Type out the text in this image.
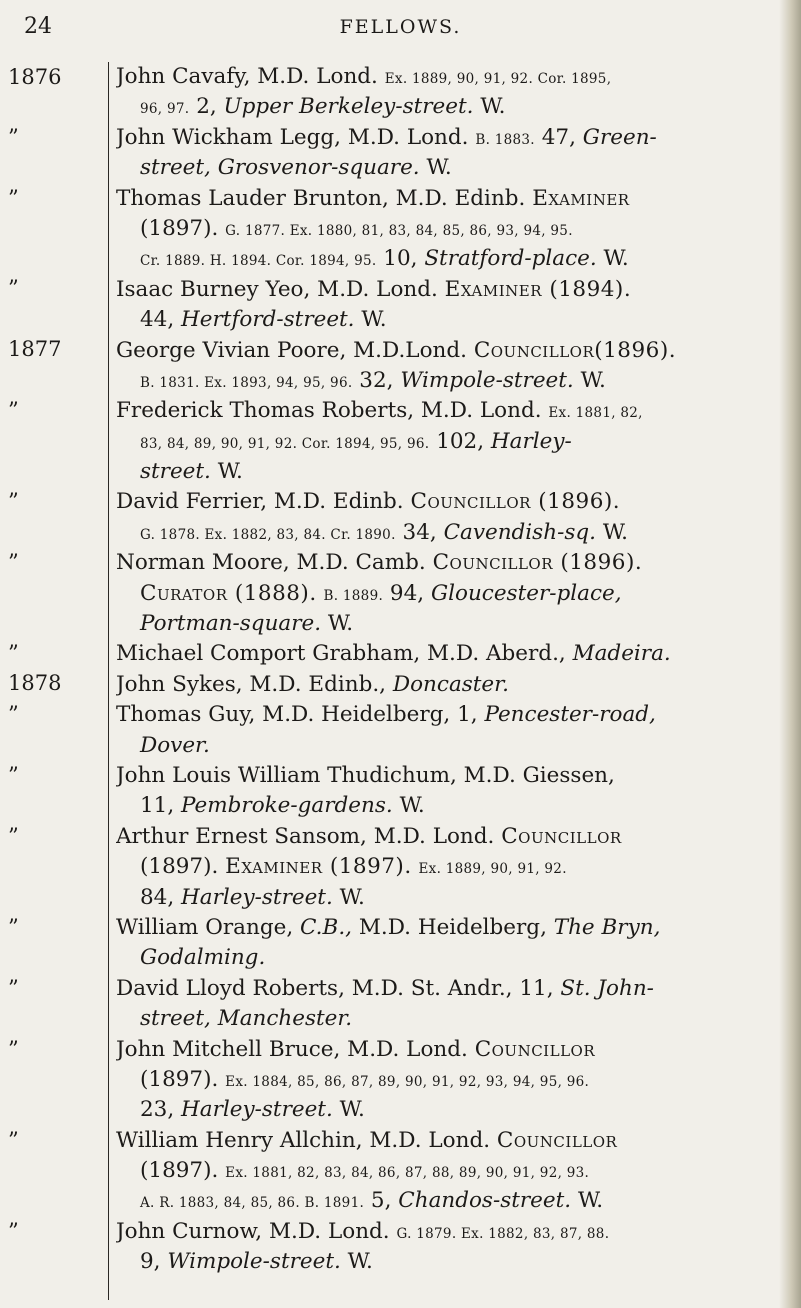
24	FELLOWS.
1876
”
”
”
1877
”
”
”
”
1878
”
”
”
”
”
”
”
”
John Cavafy, M.D. Lond. Ex. 1889, 90, 91, 92. Cor. 1895,
96, 97. 2, Upper Berkeley-street. W.
John Wickham Legg, M.D. Lond. B. 1883. 47, Green-
street, Grosvenor-square. W.
Thomas Lauder Brunton, M.D. Edinb. Examiner
(1897). G. 1877. Ex. 1880, 81, 83, 84, 85, 86, 93, 94, 95.
Cr. 1889. H. 1894. Cor. 1894, 95. 10, Stratford-place. W.
Isaac Burney Yeo, M.D. Lond. Examiner (1894).
44, Hertford-street. W.
George Vivian Poore, M.D.Lond. Councillor(1896).
B. 1831. Ex. 1893, 94, 95, 96. 32, Wimpole-street. W.
Frederick Thomas Roberts, M.D. Lond. Ex. 1881, 82,
83, 84, 89, 90, 91, 92. Cor. 1894, 95, 96. 102, Harley-
street. W.
David Ferrier, M.D. Edinb. Councillor (1896).
G. 1878. Ex. 1882, 83, 84. Cr. 1890. 34, Cavendish-sq. W.
Norman Moore, M.D. Camb. Councillor (1896).
Curator (1888). B. 1889. 94, Gloucester-place,
Portman-square. W.
Michael Comport Grabham, M.D. Aberd., Madeira.
John Sykes, M.D. Edinb., Doncaster.
Thomas Guy, M.D. Heidelberg, 1, Pencester-road,
Dover.
John Louis William Thudichum, M.D. Giessen,
11, Pembroke-gardens. W.
Arthur Ernest Sansom, M.D. Lond. Councillor
(1897). Examiner (1897). Ex. 1889, 90, 91, 92.
84, Harley-street. W.
William Orange, C.B., M.D. Heidelberg, The Bryn,
Godalming.
David Lloyd Roberts, M.D. St. Andr., 11, St. John-
street, Manchester.
John Mitchell Bruce, M.D. Lond. Councillor
(1897). Ex. 1884, 85, 86, 87, 89, 90, 91, 92, 93, 94, 95, 96.
23, Harley-street. W.
William Henry Allchin, M.D. Lond. Councillor
(1897). Ex. 1881, 82, 83, 84, 86, 87, 88, 89, 90, 91, 92, 93.
A. R. 1883, 84, 85, 86. B. 1891. 5, Chandos-street. W.
John Curnow, M.D. Lond. G. 1879. Ex. 1882, 83, 87, 88.
9, Wimpole-street. W.
